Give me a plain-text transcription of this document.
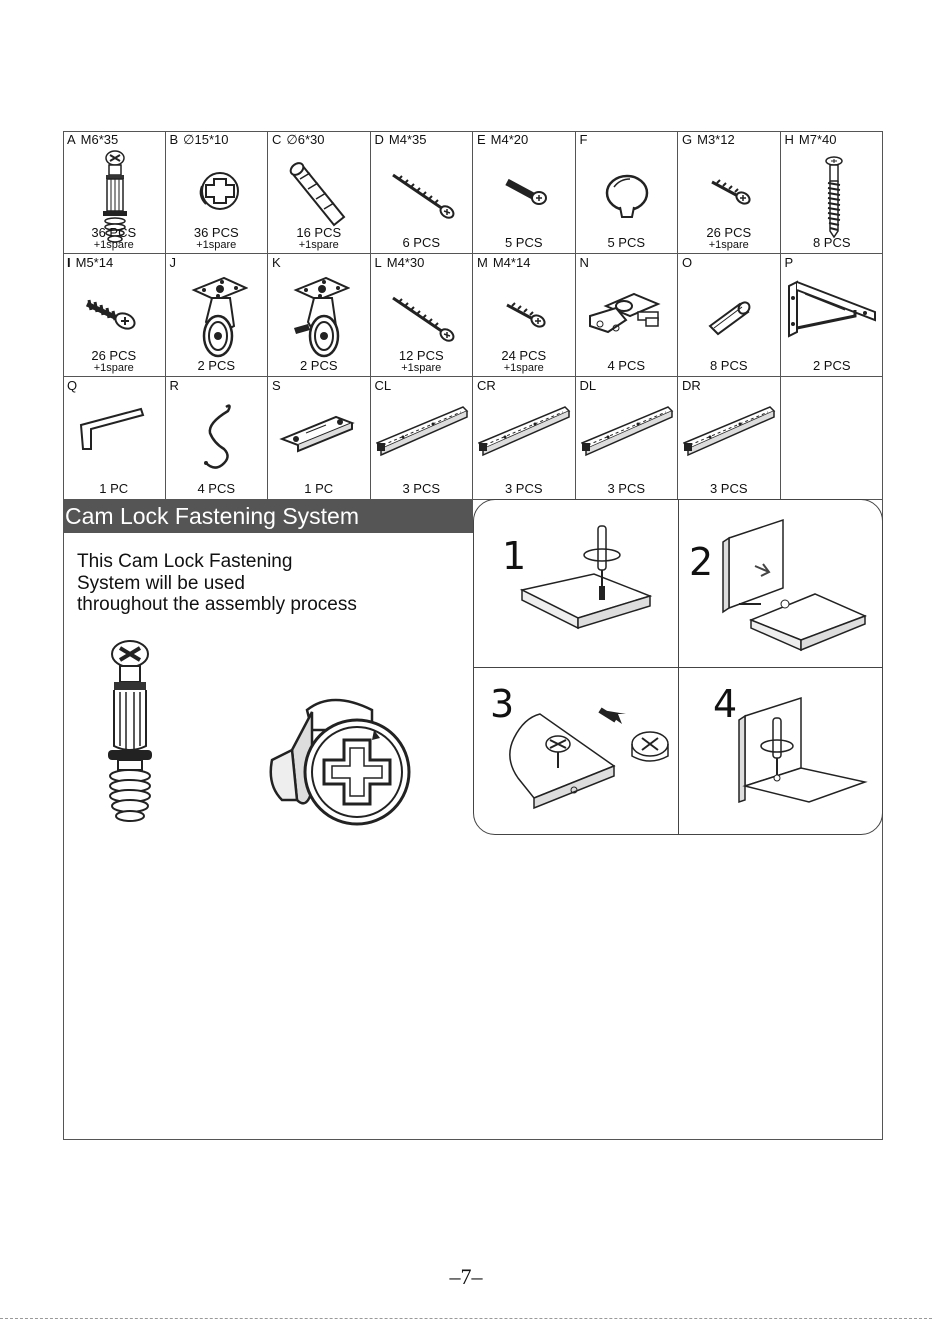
A M6*35
36 PCS
+1spare
B ∅15*10
36 PCS
+1spare
C ∅6*30
16 PCS
+1spare
D M4*35
6 PCS
E M4*20
5 PCS
F
5 PCS
G M3*12
26 PCS
+1spare
H M7*40
8 PCS
I M5*14
26 PCS
+1spare
J
2 PCS
K
2 PCS
L M4*30
12 PCS
+1spare
M M4*14
24 PCS
+1spare
N
4 PCS
O
8 PCS
P
2 PCS
Q
1 PC
R
4 PCS
S
1 PC
CL
3 PCS
CR
3 PCS
DL
3 PCS
DR
3 PCS
Cam Lock Fastening System
This Cam Lock Fastening
System will be used
throughout the assembly process
1	2
3	4
–7–
